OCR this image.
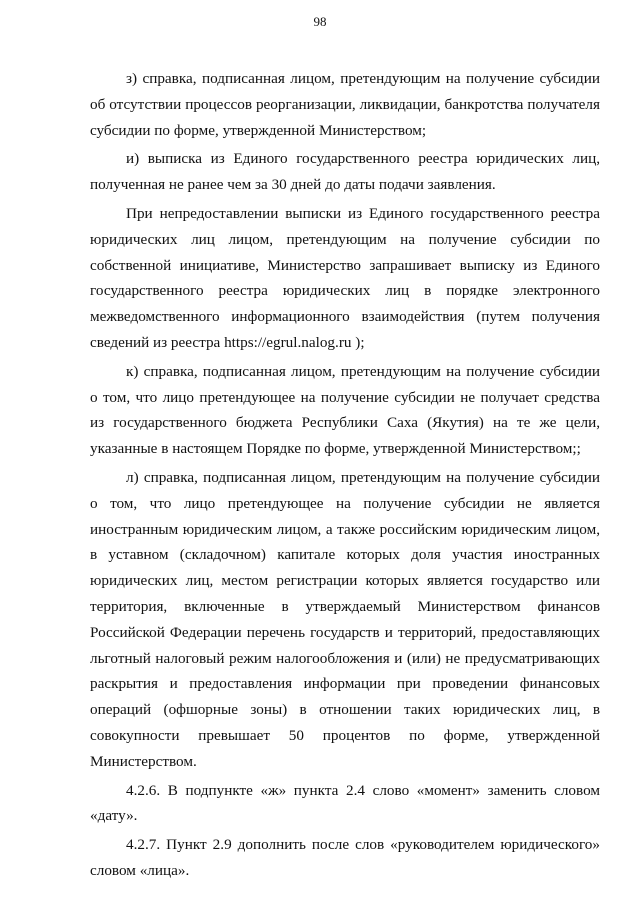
98

з) справка, подписанная лицом, претендующим на получение субсидии об отсутствии процессов реорганизации, ликвидации, банкротства получателя субсидии по форме, утвержденной Министерством;

и) выписка из Единого государственного реестра юридических лиц, полученная не ранее чем за 30 дней до даты подачи заявления.

При непредоставлении выписки из Единого государственного реестра юридических лиц лицом, претендующим на получение субсидии по собственной инициативе, Министерство запрашивает выписку из Единого государственного реестра юридических лиц в порядке электронного межведомственного информационного взаимодействия (путем получения сведений из реестра https://egrul.nalog.ru );

к) справка, подписанная лицом, претендующим на получение субсидии о том, что лицо претендующее на получение субсидии не получает средства из государственного бюджета Республики Саха (Якутия) на те же цели, указанные в настоящем Порядке по форме, утвержденной Министерством;;

л) справка, подписанная лицом, претендующим на получение субсидии о том, что лицо претендующее на получение субсидии не является иностранным юридическим лицом, а также российским юридическим лицом, в уставном (складочном) капитале которых доля участия иностранных юридических лиц, местом регистрации которых является государство или территория, включенные в утверждаемый Министерством финансов Российской Федерации перечень государств и территорий, предоставляющих льготный налоговый режим налогообложения и (или) не предусматривающих раскрытия и предоставления информации при проведении финансовых операций (офшорные зоны) в отношении таких юридических лиц, в совокупности превышает 50 процентов по форме, утвержденной Министерством.

4.2.6. В подпункте «ж» пункта 2.4 слово «момент» заменить словом «дату».

4.2.7. Пункт 2.9 дополнить после слов «руководителем юридического» словом «лица».
